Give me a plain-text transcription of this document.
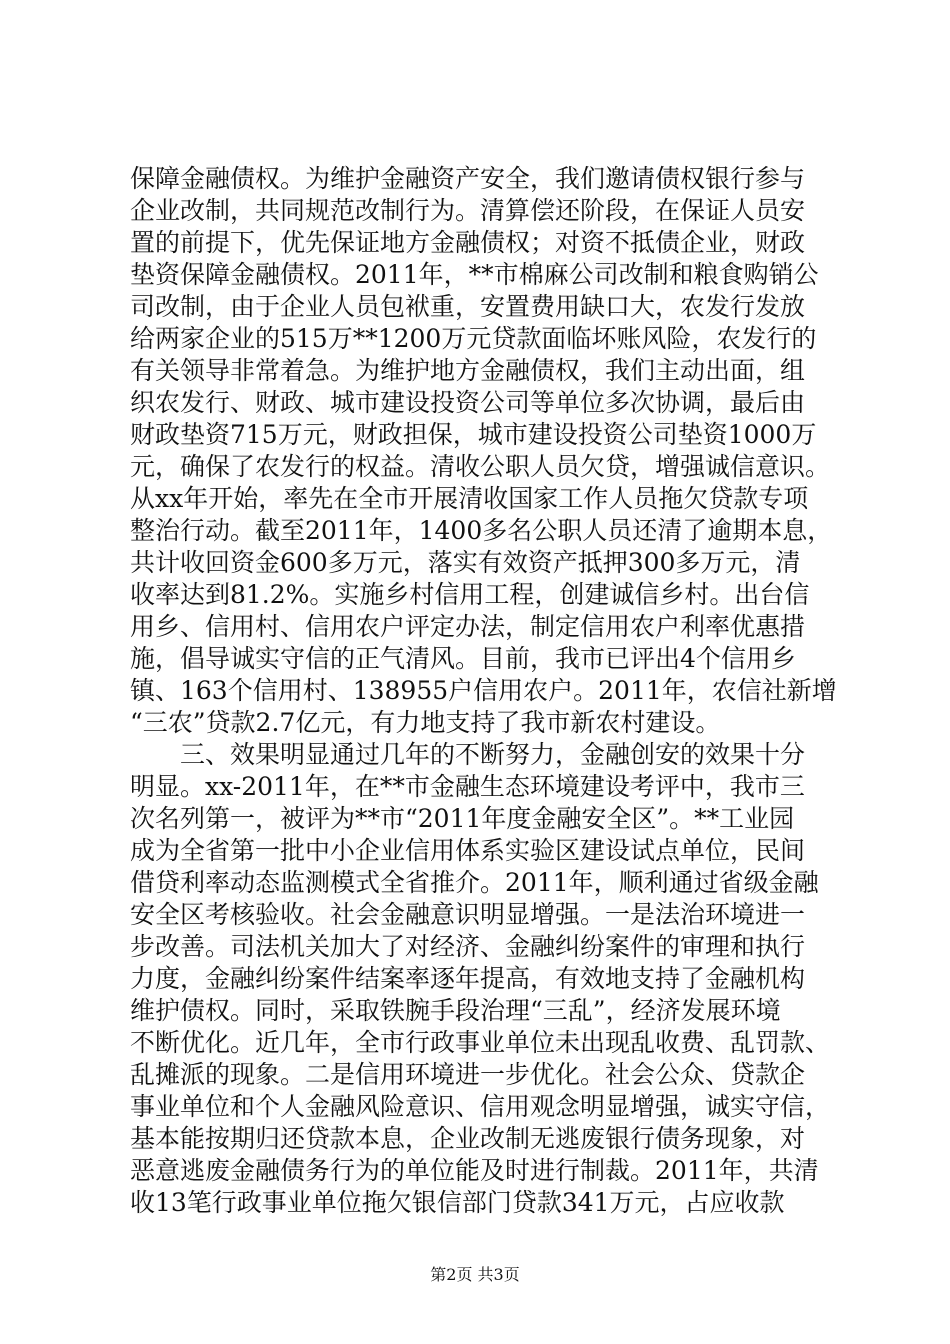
保障金融债权。为维护金融资产安全，我们邀请债权银行参与
企业改制，共同规范改制行为。清算偿还阶段，在保证人员安
置的前提下，优先保证地方金融债权；对资不抵债企业，财政
垫资保障金融债权。2011年，**市棉麻公司改制和粮食购销公
司改制，由于企业人员包袱重，安置费用缺口大，农发行发放
给两家企业的515万**1200万元贷款面临坏账风险，农发行的
有关领导非常着急。为维护地方金融债权，我们主动出面，组
织农发行、财政、城市建设投资公司等单位多次协调，最后由
财政垫资715万元，财政担保，城市建设投资公司垫资1000万
元，确保了农发行的权益。清收公职人员欠贷，增强诚信意识。
从xx年开始，率先在全市开展清收国家工作人员拖欠贷款专项
整治行动。截至2011年，1400多名公职人员还清了逾期本息，
共计收回资金600多万元，落实有效资产抵押300多万元，清
收率达到81.2%。实施乡村信用工程，创建诚信乡村。出台信
用乡、信用村、信用农户评定办法，制定信用农户利率优惠措
施，倡导诚实守信的正气清风。目前，我市已评出4个信用乡
镇、163个信用村、138955户信用农户。2011年，农信社新增
“三农”贷款2.7亿元，有力地支持了我市新农村建设。
三、效果明显通过几年的不断努力，金融创安的效果十分
明显。xx-2011年，在**市金融生态环境建设考评中，我市三
次名列第一，被评为**市“2011年度金融安全区”。**工业园
成为全省第一批中小企业信用体系实验区建设试点单位，民间
借贷利率动态监测模式全省推介。2011年，顺利通过省级金融
安全区考核验收。社会金融意识明显增强。一是法治环境进一
步改善。司法机关加大了对经济、金融纠纷案件的审理和执行
力度，金融纠纷案件结案率逐年提高，有效地支持了金融机构
维护债权。同时，采取铁腕手段治理“三乱”，经济发展环境
不断优化。近几年，全市行政事业单位未出现乱收费、乱罚款、
乱摊派的现象。二是信用环境进一步优化。社会公众、贷款企
事业单位和个人金融风险意识、信用观念明显增强，诚实守信，
基本能按期归还贷款本息，企业改制无逃废银行债务现象，对
恶意逃废金融债务行为的单位能及时进行制裁。2011年，共清
收13笔行政事业单位拖欠银信部门贷款341万元，占应收款
第2页 共3页
